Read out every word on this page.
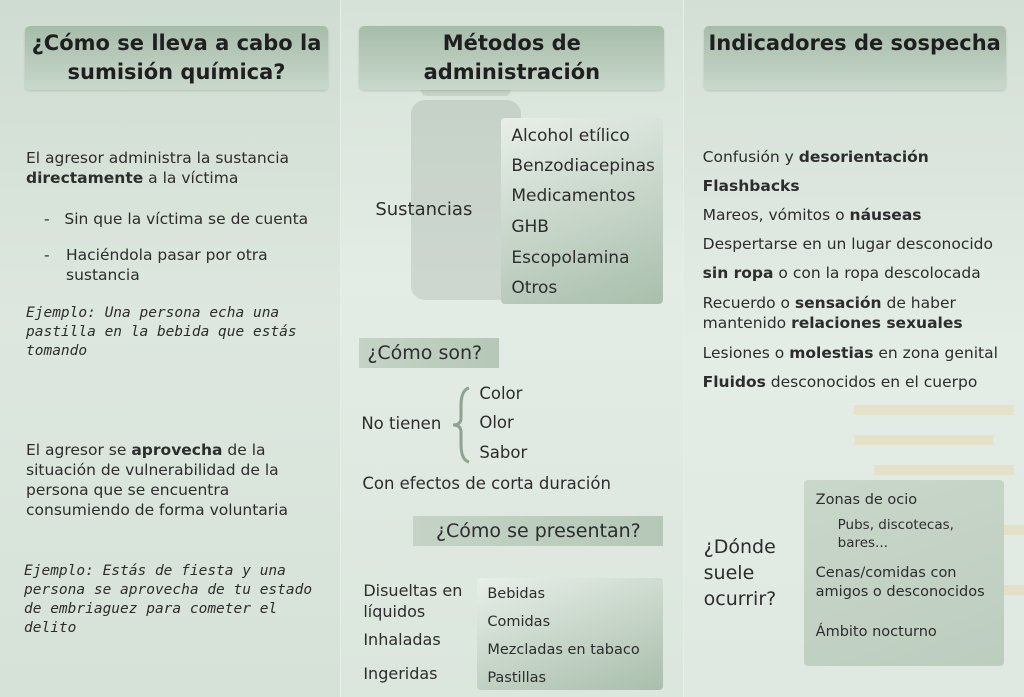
¿Cómo se lleva a cabo la sumisión química?
El agresor administra la sustancia directamente a la víctima
-   Sin que la víctima se de cuenta
-	Haciéndola pasar por otra sustancia
Ejemplo: Una persona echa una pastilla en la bebida que estás tomando
El agresor se aprovecha de la situación de vulnerabilidad de la persona que se encuentra consumiendo de forma voluntaria
Ejemplo: Estás de fiesta y una persona se aprovecha de tu estado de embriaguez para cometer el delito
Métodos de administración
Sustancias
Alcohol etílico
Benzodiacepinas
Medicamentos
GHB
Escopolamina
Otros
¿Cómo son?
No tienen
Color
Olor
Sabor
Con efectos de corta duración
¿Cómo se presentan?
Disueltas en líquidos
Inhaladas
Ingeridas
Bebidas
Comidas
Mezcladas en tabaco
Pastillas
Indicadores de sospecha
Confusión y desorientación
Flashbacks
Mareos, vómitos o náuseas
Despertarse en un lugar desconocido
sin ropa o con la ropa descolocada
Recuerdo o sensación de haber mantenido relaciones sexuales
Lesiones o molestias en zona genital
Fluidos desconocidos en el cuerpo
¿Dónde suele ocurrir?
Zonas de ocio
Pubs, discotecas, bares...
Cenas/comidas con amigos o desconocidos
Ámbito nocturno
